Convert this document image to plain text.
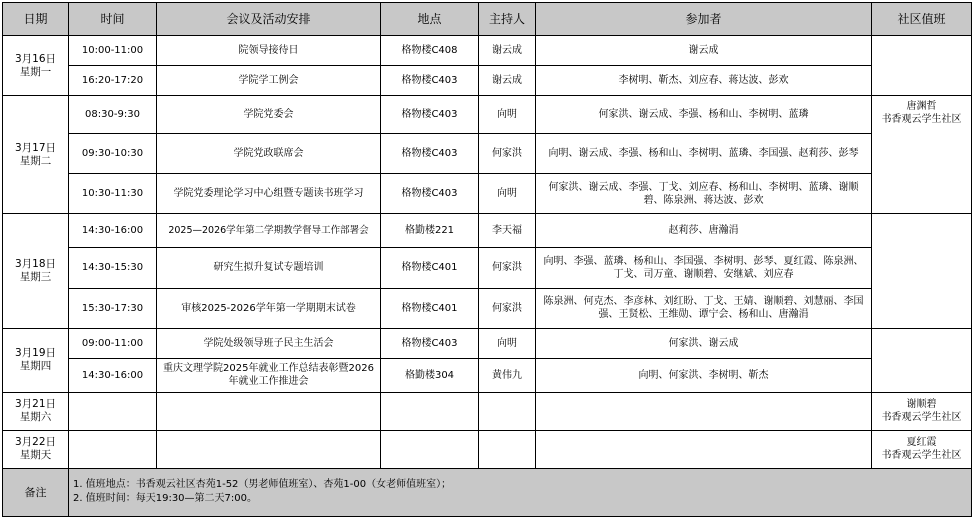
日期	时间	会议及活动安排	地点	主持人	参加者	社区值班

3月16日
星期一	10:00-11:00	院领导接待日	格物楼C408	谢云成	谢云成	
	16:20-17:20	学院学工例会	格物楼C403	谢云成	李树明、靳杰、刘应春、蒋达波、彭欢	

3月17日
星期二	08:30-9:30	学院党委会	格物楼C403	向明	何家洪、谢云成、李强、杨和山、李树明、蓝璘	唐渊哲
书香观云学生社区

	09:30-10:30	学院党政联席会	格物楼C403	何家洪	向明、谢云成、李强、杨和山、李树明、蓝璘、李国强、赵莉莎、彭琴	
	10:30-11:30	学院党委理论学习中心组暨专题读书班学习	格物楼C403	向明	何家洪、谢云成、李强、丁戈、刘应春、杨和山、李树明、蓝璘、谢顺碧、陈泉洲、蒋达波、彭欢	

3月18日
星期三	14:30-16:00	2025—2026学年第二学期教学督导工作部署会	格勤楼221	李天福	赵莉莎、唐瀚涓	
	14:30-15:30	研究生拟升复试专题培训	格物楼C401	何家洪	向明、李强、蓝璘、杨和山、李国强、李树明、彭琴、夏红霞、陈泉洲、丁戈、司万童、谢顺碧、安继斌、刘应春	
	15:30-17:30	审核2025-2026学年第一学期期末试卷	格物楼C401	何家洪	陈泉洲、何克杰、李彦林、刘红盼、丁戈、王婧、谢顺碧、刘慧丽、李国强、王贤松、王维勋、谭宁会、杨和山、唐瀚涓	

3月19日
星期四	09:00-11:00	学院处级领导班子民主生活会	格物楼C403	向明	何家洪、谢云成	
	14:30-16:00	重庆文理学院2025年就业工作总结表彰暨2026年就业工作推进会	格勤楼304	黄伟九	向明、何家洪、李树明、靳杰	

3月21日
星期六						谢顺碧
书香观云学生社区

3月22日
星期天						夏红霞
书香观云学生社区

备注	1. 值班地点：书香观云社区杏苑1-52（男老师值班室）、杏苑1-00（女老师值班室）；
2. 值班时间：每天19:30—第二天7:00。					
